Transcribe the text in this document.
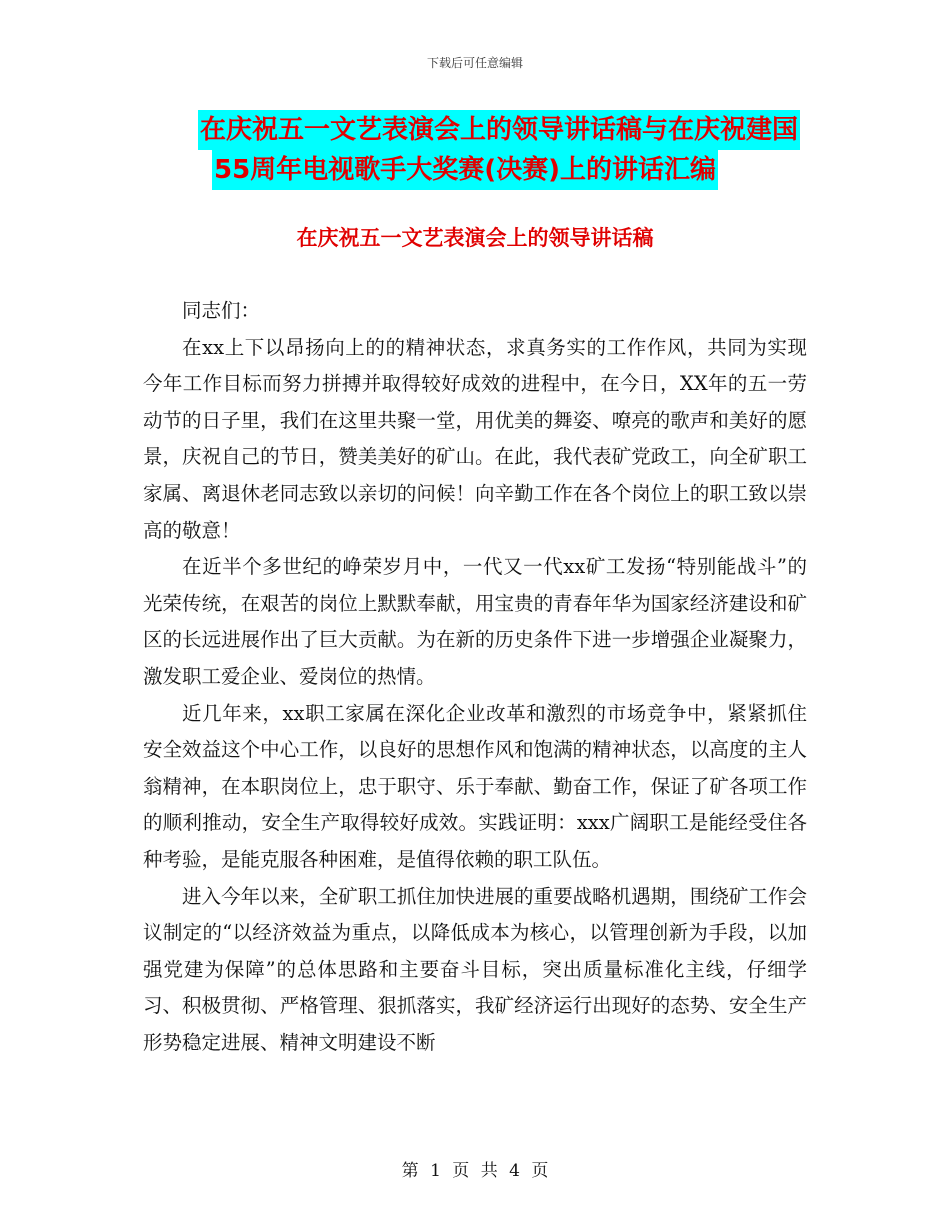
下载后可任意编辑
在庆祝五一文艺表演会上的领导讲话稿与在庆祝建国
55周年电视歌手大奖赛(决赛)上的讲话汇编
在庆祝五一文艺表演会上的领导讲话稿

同志们：

在xx上下以昂扬向上的的精神状态，求真务实的工作作风，共同为实现今年工作目标而努力拼搏并取得较好成效的进程中，在今日，XX年的五一劳动节的日子里，我们在这里共聚一堂，用优美的舞姿、嘹亮的歌声和美好的愿景，庆祝自己的节日，赞美美好的矿山。在此，我代表矿党政工，向全矿职工家属、离退休老同志致以亲切的问候！向辛勤工作在各个岗位上的职工致以崇高的敬意！

在近半个多世纪的峥荣岁月中，一代又一代xx矿工发扬“特别能战斗”的光荣传统，在艰苦的岗位上默默奉献，用宝贵的青春年华为国家经济建设和矿区的长远进展作出了巨大贡献。为在新的历史条件下进一步增强企业凝聚力，激发职工爱企业、爱岗位的热情。

近几年来，xx职工家属在深化企业改革和激烈的市场竞争中，紧紧抓住安全效益这个中心工作，以良好的思想作风和饱满的精神状态，以高度的主人翁精神，在本职岗位上，忠于职守、乐于奉献、勤奋工作，保证了矿各项工作的顺利推动，安全生产取得较好成效。实践证明：xxx广阔职工是能经受住各种考验，是能克服各种困难，是值得依赖的职工队伍。

进入今年以来，全矿职工抓住加快进展的重要战略机遇期，围绕矿工作会议制定的“以经济效益为重点，以降低成本为核心，以管理创新为手段，以加强党建为保障”的总体思路和主要奋斗目标，突出质量标准化主线，仔细学习、积极贯彻、严格管理、狠抓落实，我矿经济运行出现好的态势、安全生产形势稳定进展、精神文明建设不断

第 1 页 共 4 页
